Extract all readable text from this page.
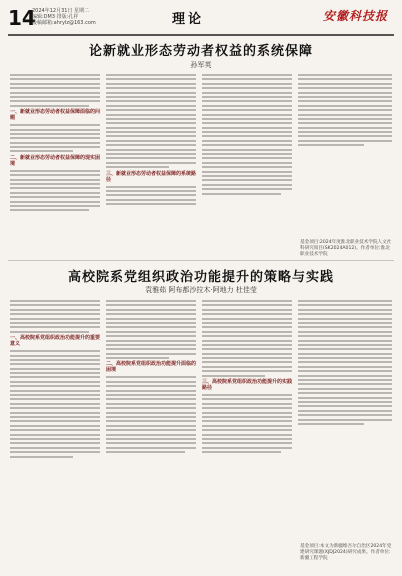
14
2024年12月31日 星期二
编辑:DM3 排版:孔祥
投稿邮箱:ahrylz@163.com	理论	安徽科技报
论新就业形态劳动者权益的系统保障
孙军英
一、新就业形态劳动者权益保障面临的问题
二、新就业形态劳动者权益保障的现实困境
三、新就业形态劳动者权益保障的系统路径
基金项目:2024年度淮北职业技术学院人文社科研究项目(SK2024A012)。作者单位:淮北职业技术学院
高校院系党组织政治功能提升的策略与实践
袁雅茹 阿布都沙拉木·阿地力 杜佳莹
一、高校院系党组织政治功能提升的重要意义
二、高校院系党组织政治功能提升面临的困境
三、高校院系党组织政治功能提升的实践路径
基金项目:本文为新疆维吾尔自治区2024年党建研究课题(XJDJ2024)研究成果。作者单位:新疆工程学院
